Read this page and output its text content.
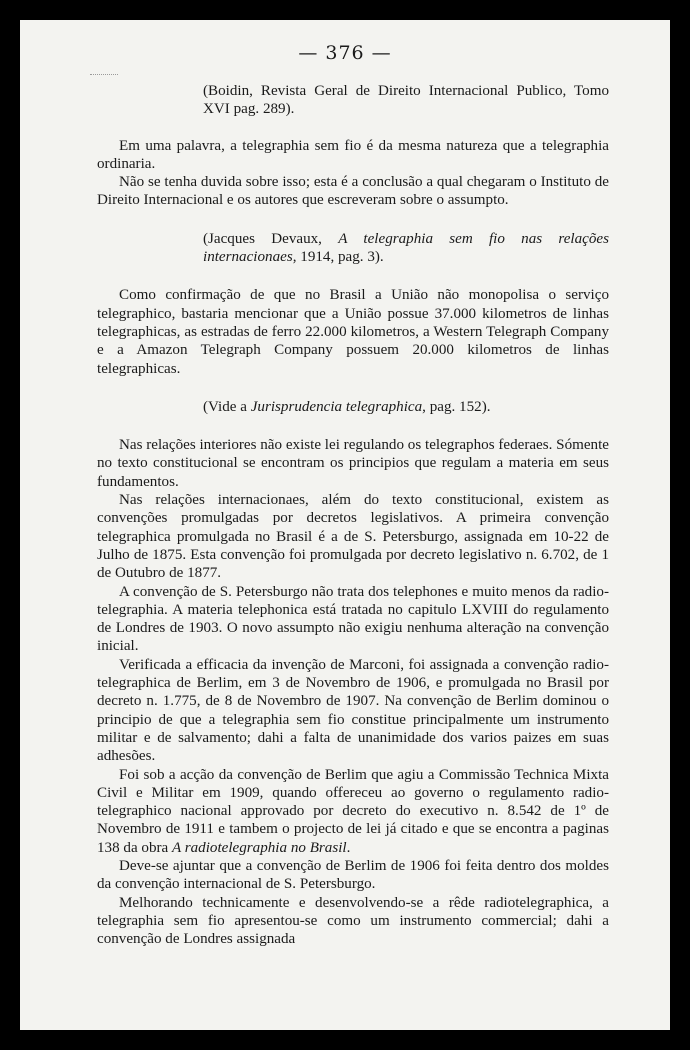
— 376 —

(Boidin, Revista Geral de Direito Internacional Publico, Tomo XVI pag. 289).

Em uma palavra, a telegraphia sem fio é da mesma natureza que a telegraphia ordinaria.

Não se tenha duvida sobre isso; esta é a conclusão a qual chegaram o Instituto de Direito Internacional e os autores que escreveram sobre o assumpto.

(Jacques Devaux, A telegraphia sem fio nas relações internacionaes, 1914, pag. 3).

Como confirmação de que no Brasil a União não monopolisa o serviço telegraphico, bastaria mencionar que a União possue 37.000 kilometros de linhas telegraphicas, as estradas de ferro 22.000 kilometros, a Western Telegraph Company e a Amazon Telegraph Company possuem 20.000 kilometros de linhas telegraphicas.

(Vide a Jurisprudencia telegraphica, pag. 152).

Nas relações interiores não existe lei regulando os telegraphos federaes. Sómente no texto constitucional se encontram os principios que regulam a materia em seus fundamentos.

Nas relações internacionaes, além do texto constitucional, existem as convenções promulgadas por decretos legislativos. A primeira convenção telegraphica promulgada no Brasil é a de S. Petersburgo, assignada em 10-22 de Julho de 1875. Esta convenção foi promulgada por decreto legislativo n. 6.702, de 1 de Outubro de 1877.

A convenção de S. Petersburgo não trata dos telephones e muito menos da radio-telegraphia. A materia telephonica está tratada no capitulo LXVIII do regulamento de Londres de 1903. O novo assumpto não exigiu nenhuma alteração na convenção inicial.

Verificada a efficacia da invenção de Marconi, foi assignada a convenção radio-telegraphica de Berlim, em 3 de Novembro de 1906, e promulgada no Brasil por decreto n. 1.775, de 8 de Novembro de 1907. Na convenção de Berlim dominou o principio de que a telegraphia sem fio constitue principalmente um instrumento militar e de salvamento; dahi a falta de unanimidade dos varios paizes em suas adhesões.

Foi sob a acção da convenção de Berlim que agiu a Commissão Technica Mixta Civil e Militar em 1909, quando offereceu ao governo o regulamento radio-telegraphico nacional approvado por decreto do executivo n. 8.542 de 1º de Novembro de 1911 e tambem o projecto de lei já citado e que se encontra a paginas 138 da obra A radiotelegraphia no Brasil.

Deve-se ajuntar que a convenção de Berlim de 1906 foi feita dentro dos moldes da convenção internacional de S. Petersburgo.

Melhorando technicamente e desenvolvendo-se a rêde radiotelegraphica, a telegraphia sem fio apresentou-se como um instrumento commercial; dahi a convenção de Londres assignada
